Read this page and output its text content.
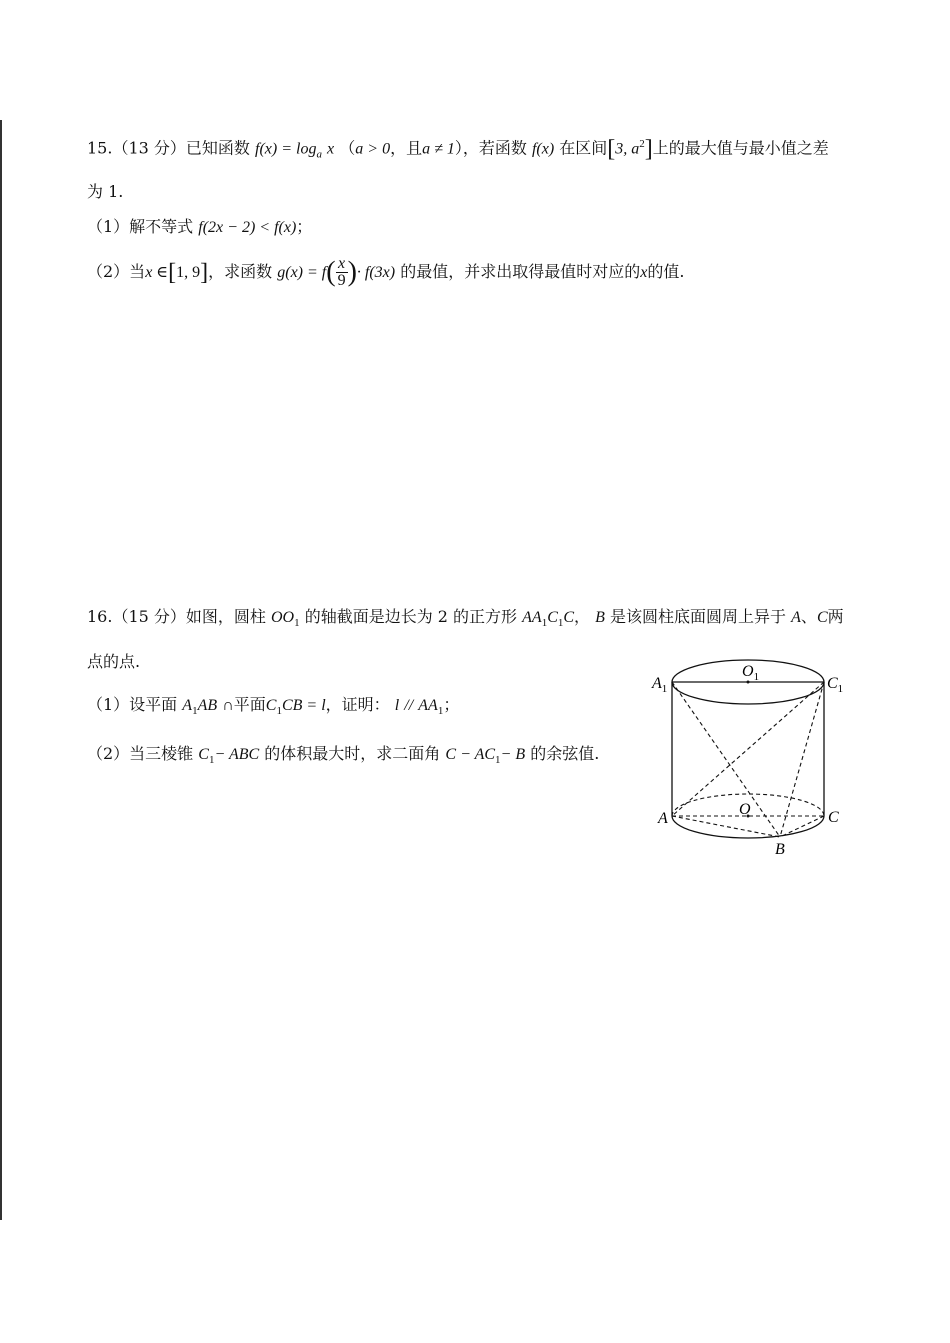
15.（13 分）已知函数 $f(x) = \log_a x$ （a > 0，且a ≠ 1），若函数 f(x) 在区间[3, $a^2$]上的最大值与最小值之差
为 1.
（1）解不等式 f(2x − 2) < f(x)；
（2）当x ∈[1, 9]，求函数 $g(x) = f( \frac{x}{9}$ )· f(3x) 的最值，并求出取得最值时对应的x的值.
16.（15 分）如图，圆柱 $OO_1$ 的轴截面是边长为 2 的正方形 $AA_1C_1C$， B 是该圆柱底面圆周上异于 A、C两
点的点.
（1）设平面 $A_1AB$ ∩平面$C_1CB = l$，证明： l // $AA_1$；
（2）当三棱锥 $C_1-$ ABC 的体积最大时，求二面角 $C - AC_1- B$ 的余弦值.
$A_1$
$O_1$	$C_1$
A
O	C
B
